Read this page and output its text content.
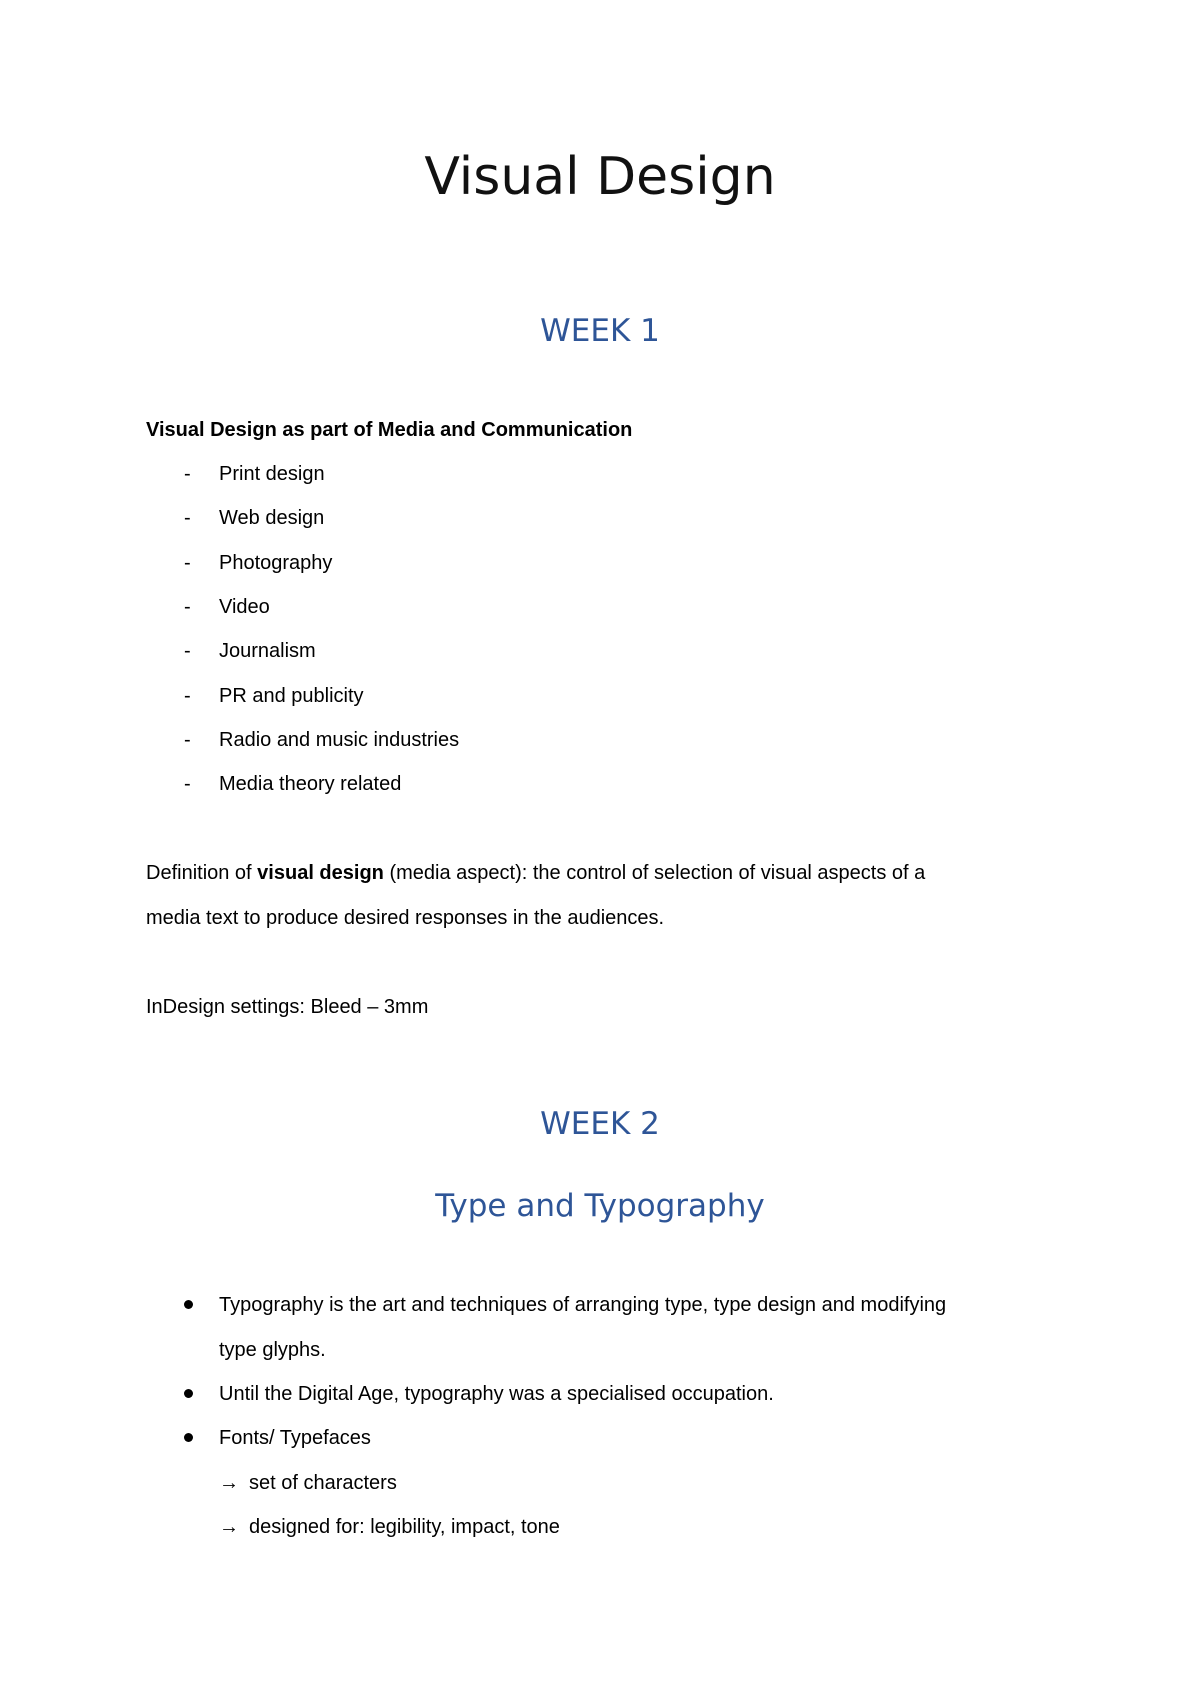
Visual Design
WEEK 1
Visual Design as part of Media and Communication
- Print design
- Web design
- Photography
- Video
- Journalism
- PR and publicity
- Radio and music industries
- Media theory related
Definition of visual design (media aspect): the control of selection of visual aspects of a
media text to produce desired responses in the audiences.
InDesign settings: Bleed – 3mm
WEEK 2
Type and Typography
Typography is the art and techniques of arranging type, type design and modifying
type glyphs.
Until the Digital Age, typography was a specialised occupation.
Fonts/ Typefaces
→ set of characters
→ designed for: legibility, impact, tone
